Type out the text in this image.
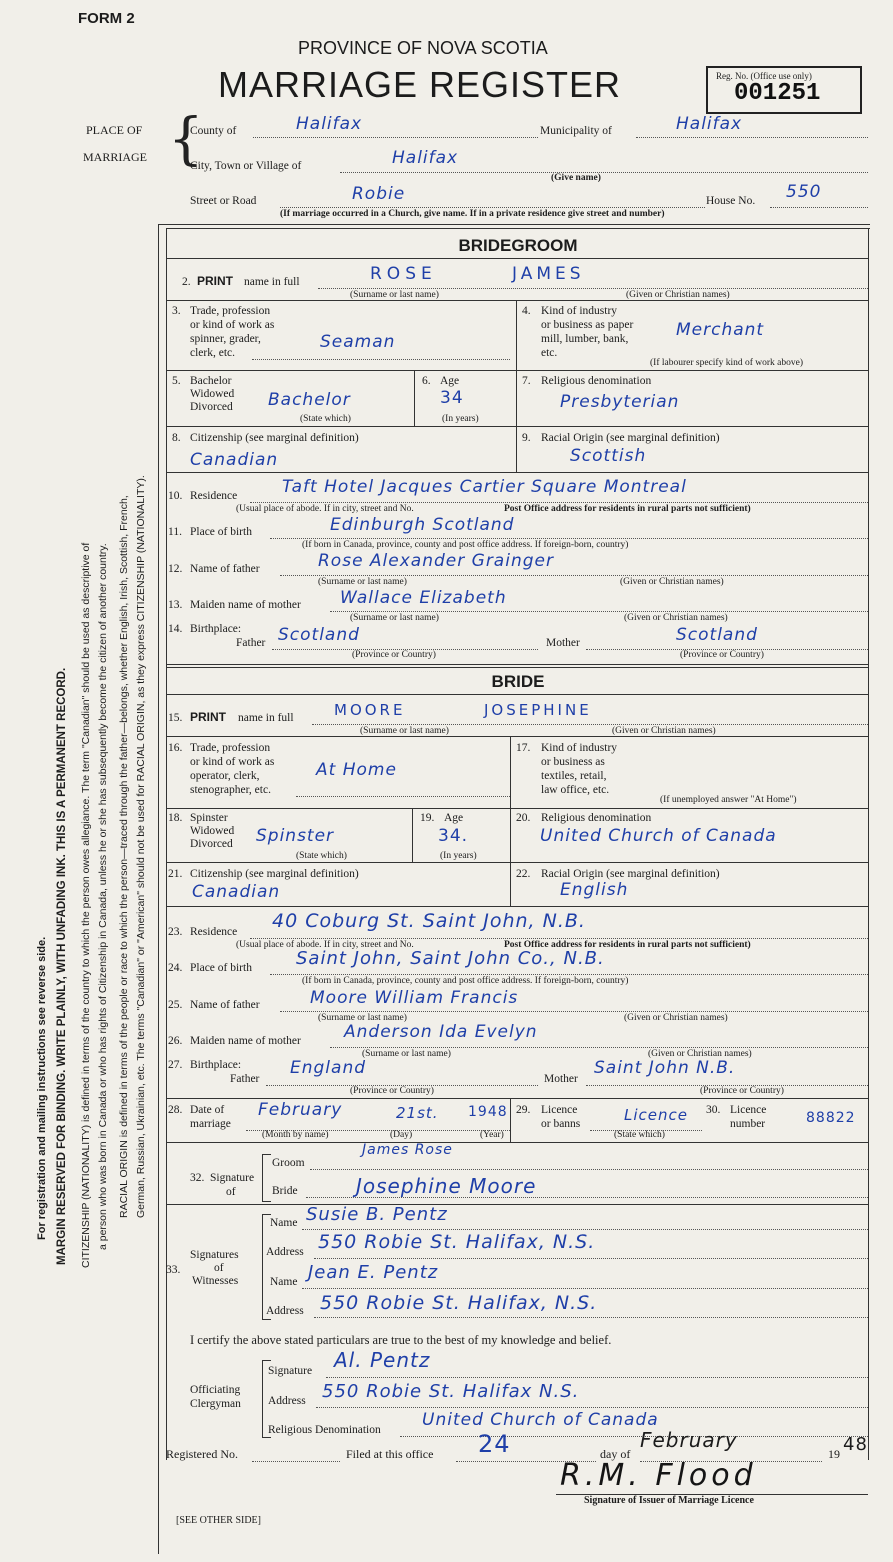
For registration and mailing instructions see reverse side. MARGIN RESERVED FOR BINDING. WRITE PLAINLY, WITH UNFADING INK. THIS IS A PERMANENT RECORD. CITIZENSHIP (NATIONALITY) is defined in terms of the country to which the person owes allegiance. The term "Canadian" should be used as descriptive of a person who was born in Canada or who has rights of Citizenship in Canada, unless he or she has subsequently become the citizen of another country. RACIAL ORIGIN is defined in terms of the people or race to which the person—traced through the father—belongs, whether English, Irish, Scottish, French, German, Russian, Ukrainian, etc. The terms "Canadian" or "American" should not be used for RACIAL ORIGIN, as they express CITIZENSHIP (NATIONALITY).
FORM 2
PROVINCE OF NOVA SCOTIA
MARRIAGE REGISTER	Reg. No. (Office use only)
001251
PLACE OF
MARRIAGE {
County of	Halifax	Municipality of	Halifax
City, Town or Village of	Halifax
(Give name)
Street or Road	Robie	House No. 550
(If marriage occurred in a Church, give name. If in a private residence give street and number)
BRIDEGROOM
2. PRINT name in full	ROSE	JAMES
(Surname or last name)	(Given or Christian names)
3. Trade, profession
or kind of work as
spinner, grader,
clerk, etc.
Seaman
4. Kind of industry
or business as paper
mill, lumber, bank,
etc.
Merchant
(If labourer specify kind of work above)
5. Bachelor
Widowed
Divorced Bachelor
(State which)
6. Age
34
(In years)
7. Religious denomination
Presbyterian
8. Citizenship (see marginal definition)
Canadian
9. Racial Origin (see marginal definition)
Scottish
10. Residence	Taft Hotel Jacques Cartier Square Montreal
(Usual place of abode. If in city, street and No.	Post Office address for residents in rural parts not sufficient)
11. Place of birth	Edinburgh Scotland
(If born in Canada, province, county and post office address. If foreign-born, country)
12. Name of father	Rose Alexander Grainger
(Surname or last name)	(Given or Christian names)
13. Maiden name of mother Wallace Elizabeth
(Surname or last name)	(Given or Christian names)
14. Birthplace:
Father Scotland	Mother	Scotland
(Province or Country)	(Province or Country)
BRIDE
15. PRINT name in full	MOORE	JOSEPHINE
(Surname or last name)	(Given or Christian names)
16. Trade, profession
or kind of work as
operator, clerk,
stenographer, etc.
At Home
17. Kind of industry
or business as
textiles, retail,
law office, etc.
(If unemployed answer "At Home")
18. Spinster
Widowed
Divorced Spinster
(State which)
19. Age
34.
(In years)
20. Religious denomination
United Church of Canada
21. Citizenship (see marginal definition)
Canadian
22. Racial Origin (see marginal definition)
English
23. Residence 40 Coburg St. Saint John, N.B.
(Usual place of abode. If in city, street and No.	Post Office address for residents in rural parts not sufficient)
24. Place of birth Saint John, Saint John Co., N.B.
(If born in Canada, province, county and post office address. If foreign-born, country)
25. Name of father	Moore William Francis
(Surname or last name)	(Given or Christian names)
26. Maiden name of mother	Anderson Ida Evelyn
(Surname or last name)	(Given or Christian names)
27. Birthplace:
Father
England
Mother
Saint John N.B.
(Province or Country)	(Province or Country)
28. Date of
marriage
February	21st. 1948
(Month by name)	(Day)	(Year)
29. Licence
or banns	Licence
(State which)
30. Licence
number	88822
32. Signature
of
Groom
James Rose
Bride	Josephine Moore
Signatures
of
33.
Witnesses
Name Susie B. Pentz
Address 550 Robie St. Halifax, N.S.
Name Jean E. Pentz
Address 550 Robie St. Halifax, N.S.
I certify the above stated particulars are true to the best of my knowledge and belief.
Officiating
Clergyman
Signature Al. Pentz
Address 550 Robie St. Halifax N.S.
Religious Denomination United Church of Canada
Registered No.	Filed at this office 24	day of
February
19 48
R.M. Flood
Signature of Issuer of Marriage Licence
[SEE OTHER SIDE]
